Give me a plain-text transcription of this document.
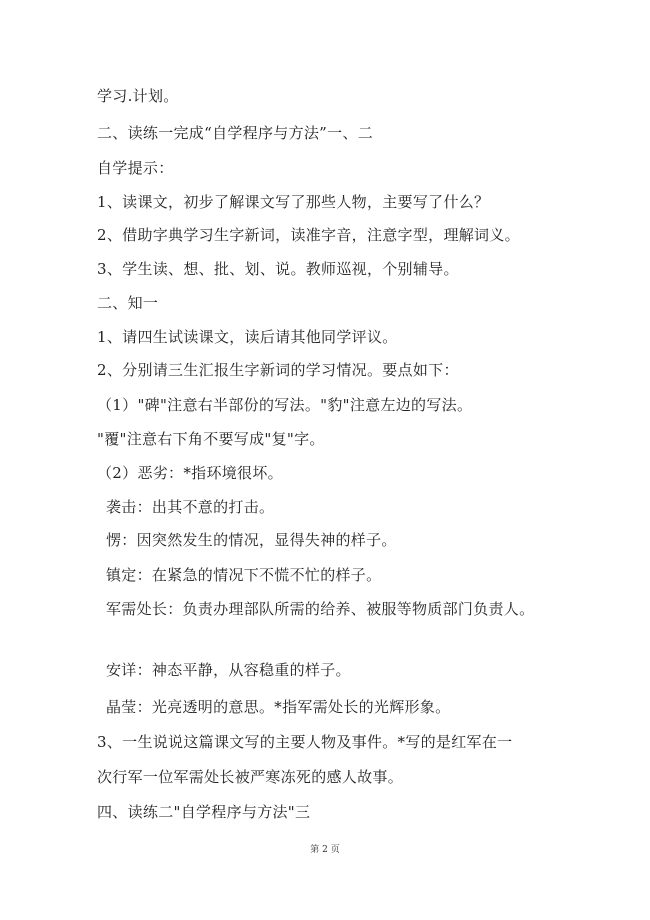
学习.计划。
二、读练一完成“自学程序与方法”一、二
自学提示：
1、读课文，初步了解课文写了那些人物，主要写了什么？
2、借助字典学习生字新词，读准字音，注意字型，理解词义。
3、学生读、想、批、划、说。教师巡视，个别辅导。
二、知一
1、请四生试读课文，读后请其他同学评议。
2、分别请三生汇报生字新词的学习情况。要点如下：
（1）"碑"注意右半部份的写法。"豹"注意左边的写法。
"覆"注意右下角不要写成"复"字。
（2）恶劣：*指环境很坏。
袭击：出其不意的打击。
愣：因突然发生的情况，显得失神的样子。
镇定：在紧急的情况下不慌不忙的样子。
军需处长：负责办理部队所需的给养、被服等物质部门负责人。
安详：神态平静，从容稳重的样子。
晶莹：光亮透明的意思。*指军需处长的光辉形象。
3、一生说说这篇课文写的主要人物及事件。*写的是红军在一
次行军一位军需处长被严寒冻死的感人故事。
四、读练二"自学程序与方法"三
第 2 页
